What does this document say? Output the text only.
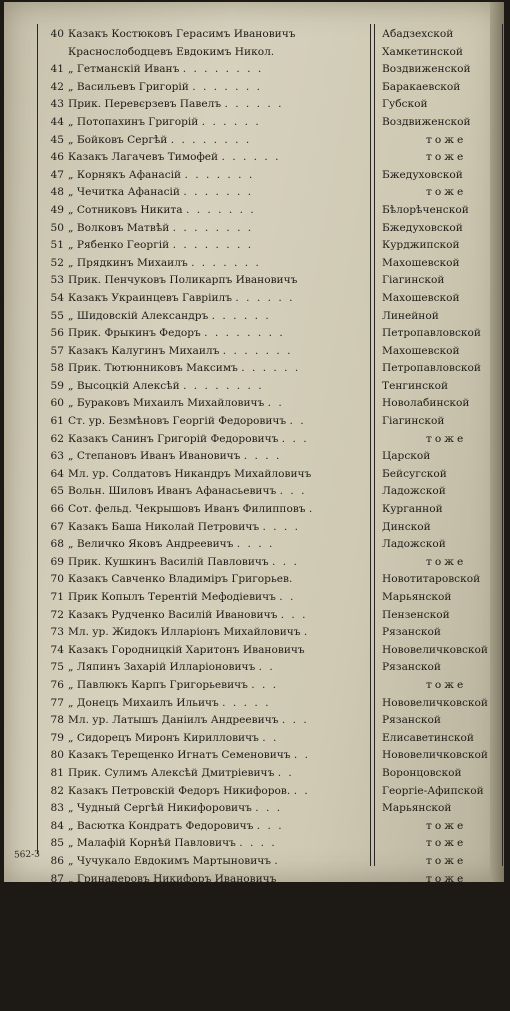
40 Казакъ Костюковъ Герасимъ Ивановичъ	Абадзехской
Краснослободцевъ Евдокимъ Никол.	Хамкетинской
41 „ Гетманскій Иванъ . . . . . . . .	Воздвиженской
42 „ Васильевъ Григорій . . . . . . .	Баракаевской
43 Прик. Перевєрзевъ Павелъ . . . . . .	Губской
44 „ Потопахинъ Григорій . . . . . .	Воздвиженской
45 „ Бойковъ Сергѣй . . . . . . . .	тоже
46 Казакъ Лагачевъ Тимофей . . . . . .	тоже
47 „ Корнякъ Афанасій . . . . . . .	Бжедуховской
48 „ Чечитка Афанасій . . . . . . .	тоже
49 „ Сотниковъ Никита . . . . . . .	Бѣлорѣченской
50 „ Волковъ Матвѣй . . . . . . . .	Бжедуховской
51 „ Рябенко Георгій . . . . . . . .	Курджипской
52 „ Прядкинъ Михаилъ . . . . . . .	Махошевской
53 Прик. Пенчуковъ Поликарпъ Ивановичъ	Гіагинской
54 Казакъ Украинцевъ Гавріилъ . . . . . .	Махошевской
55 „ Шидовскій Александръ . . . . . .	Линейной
56 Прик. Фрыкинъ Федоръ . . . . . . . .	Петропавловской
57 Казакъ Калугинъ Михаилъ . . . . . . .	Махошевской
58 Прик. Тютюнниковъ Максимъ . . . . . .	Петропавловской
59 „ Высоцкій Алексѣй . . . . . . . .	Тенгинской
60 „ Бураковъ Михаилъ Михайловичъ . .	Новолабинской
61 Ст. ур. Безмѣновъ Георгій Федоровичъ . .	Гіагинской
62 Казакъ Санинъ Григорій Федоровичъ . . .	тоже
63 „ Степановъ Иванъ Ивановичъ . . . .	Царской
64 Мл. ур. Солдатовъ Никандръ Михайловичъ	Бейсугской
65 Вольн. Шиловъ Иванъ Афанасьевичъ . . .	Ладожской
66 Сот. фельд. Чекрышовъ Иванъ Филипповъ .	Курганной
67 Казакъ Баша Николай Петровичъ . . . .	Динской
68 „ Величко Яковъ Андреевичъ . . . .	Ладожской
69 Прик. Кушкинъ Василій Павловичъ . . .	тоже
70 Казакъ Савченко Владиміръ Григорьев.	Новотитаровской
71 Прик Копылъ Терентій Мефодіевичъ . .	Марьянской
72 Казакъ Рудченко Василій Ивановичъ . . .	Пензенской
73 Мл. ур. Жидокъ Илларіонъ Михайловичъ .	Рязанской
74 Казакъ Городницкій Харитонъ Ивановичъ	Нововеличковской
75 „ Ляпинъ Захарій Илларіоновичъ . .	Рязанской
76 „ Павлюкъ Карпъ Григорьевичъ . . .	тоже
77 „ Донецъ Михаилъ Ильичъ . . . . .	Нововеличковской
78 Мл. ур. Латышъ Даніилъ Андреевичъ . . .	Рязанской
79 „ Сидорецъ Миронъ Кирилловичъ . .	Елисаветинской
80 Казакъ Терещенко Игнатъ Семеновичъ . .	Нововеличковской
81 Прик. Сулимъ Алексѣй Дмитріевичъ . .	Воронцовской
82 Казакъ Петровскій Федоръ Никифоров. . .	Георгіе-Афипской
83 „ Чудный Сергѣй Никифоровичъ . . .	Марьянской
84 „ Васютка Кондратъ Федоровичъ . . .	тоже
85 „ Малафій Корнѣй Павловичъ . . . .	тоже
86 „ Чучукало Евдокимъ Мартыновичъ .	тоже
87 „ Гринадеровъ Никифоръ Ивановичъ	тоже
88 Ст. ур. Кельнъ Матвѣй Ивановичъ . . . .	Кирпильской
89 Прик. Грицай Ксюша Гавриловичъ . . . .	Отрадной
90 „ Ильченко Ефимъ Алексѣевичъ . . .	Уманской
91 „ Давиденко Георгій Трофимовичъ .	тоже
92 „ Левченко Андрей Іульяновичъ . . .	Крыловской
93 „ Вакуленко Василій Іссифовичъ . . .	Екатериновской
94	Челбасской
562-3
